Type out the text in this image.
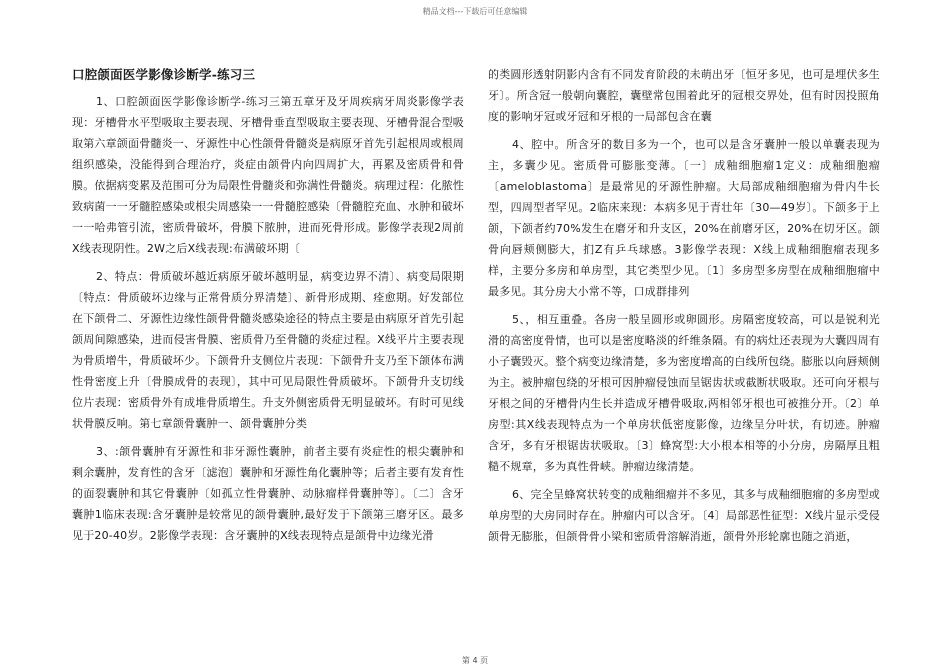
精品文档---下载后可任意编辑
口腔颌面医学影像诊断学-练习三

1、口腔颌面医学影像诊断学-练习三第五章牙及牙周疾病牙周炎影像学表现：牙槽骨水平型吸取主要表现、牙槽骨垂直型吸取主要表现、牙槽骨混合型吸取第六章颌面骨髓炎一、牙源性中心性颌骨骨髓炎是病原牙首先引起根周或根周组织感染，没能得到合理治疗，炎症由颌骨内向四周扩大，再累及密质骨和骨膜。依据病变累及范围可分为局限性骨髓炎和弥满性骨髓炎。病理过程：化脓性致病菌一一牙髓腔感染或根尖周感染一一骨髓腔感染〔骨髓腔充血、水肿和破坏一一哈弗管引流，密质骨破坏，骨膜下脓肿，进而死骨形成。影像学表现2周前X线表现阴性。2W之后X线表现:布满破坏期〔

2、特点：骨质破坏越近病原牙破坏越明显，病变边界不清〕、病变局限期〔特点：骨质破坏边缘与正常骨质分界清楚〕、新骨形成期、痊愈期。好发部位在下颌骨二、牙源性边缘性颌骨骨髓炎感染途径的特点主要是由病原牙首先引起颌周间隙感染，进而侵害骨膜、密质骨乃至骨髓的炎症过程。X线平片主要表现为骨质增牛，骨质破坏少。下颌骨升支侧位片表现：下颌骨升支乃至下颌体布满性骨密度上升〔骨膜成骨的表现〕，其中可见局限性骨质破坏。下颌骨升支切线位片表现：密质骨外有成堆骨质增生。升支外侧密质骨无明显破坏。有时可见线状骨膜反响。第七章颌骨囊肿一、颌骨囊肿分类

3、:颌骨囊肿有牙源性和非牙源性囊肿，前者主要有炎症性的根尖囊肿和剩余囊肿，发育性的含牙〔滤泡〕囊肿和牙源性角化囊肿等；后者主要有发育性的面裂囊肿和其它骨囊肿〔如孤立性骨囊肿、动脉瘤样骨囊肿等〕。〔二〕含牙囊肿1临床表现:含牙囊肿是较常见的颌骨囊肿,最好发于下颌第三磨牙区。最多见于20-40岁。2影像学表现：含牙囊肿的X线表现特点是颌骨中边缘光滑

的类圆形透射阴影内含有不同发育阶段的未萌出牙〔恒牙多见，也可是埋伏多生牙〕。所含冠一般朝向囊腔，囊壁常包围着此牙的冠根交界处，但有时因投照角度的影响牙冠或牙冠和牙根的一局部包含在囊

4、腔中。所含牙的数目多为一个，也可以是含牙囊肿一般以单囊表现为主，多囊少见。密质骨可膨胀变薄。〔一〕成釉细胞瘤1定义：成釉细胞瘤〔ameloblastoma〕是最常见的牙源性肿瘤。大局部成釉细胞瘤为骨内牛长型，四周型者罕见。2临床来现：本病多见于青壮年〔30—49岁〕。下颌多于上颌，下颌者约70%发生在磨牙和升支区，20%在前磨牙区，20%在切牙区。颌骨向唇颊侧膨大，扪Z有乒乓球感。3影像学表现：X线上成釉细胞瘤表现多样，主要分多房和单房型，其它类型少见。〔1〕多房型多房型在成釉细胞瘤中最多见。其分房大小常不等，口成群排列

5、，相互重叠。各房一般呈圆形或卵圆形。房隔密度较高，可以是锐利光滑的高密度骨情，也可以是密度略淡的纤维条隔。有的病灶还表现为大囊四周有小子囊毁灭。整个病变边缘清楚，多为密度增高的白线所包绕。膨胀以向唇颊侧为主。被肿瘤包绕的牙根可因肿瘤侵蚀而呈锯齿状或截断状吸取。还可向牙根与牙根之间的牙槽骨内生长并造成牙槽骨吸取,两相邻牙根也可被推分开。〔2〕单房型:其X线表现特点为一个单房状低密度影像，边缘呈分叶状，有切迹。肿瘤含牙，多有牙根锯齿状吸取。〔3〕蜂窝型:大小根本相等的小分房，房隔厚且粗糙不规章，多为真性骨峡。肿瘤边缘清楚。

6、完全呈蜂窝状转变的成釉细瘤并不多见，其多与成釉细胞瘤的多房型或单房型的大房同时存在。肿瘤内可以含牙。〔4〕局部恶性征型：X线片显示受侵颌骨无膨胀，但颌骨骨小梁和密质骨溶解消逝，颌骨外形轮廓也随之消逝，

第 4 页
